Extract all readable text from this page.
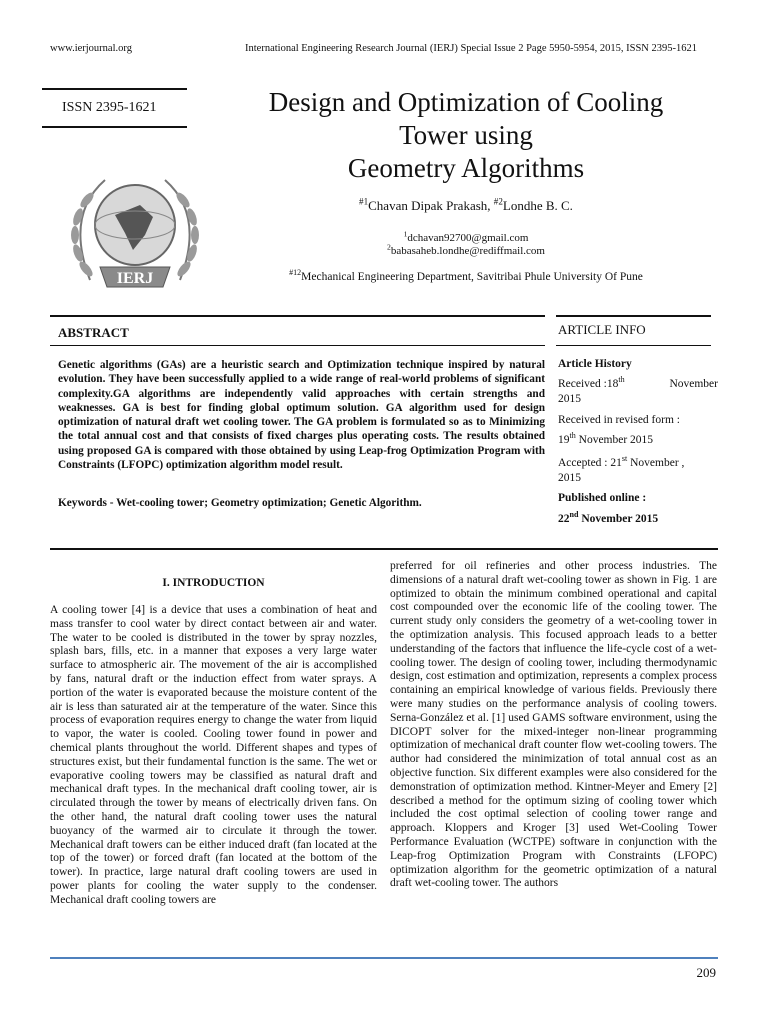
www.ierjournal.org	International Engineering Research Journal (IERJ) Special Issue 2 Page 5950-5954, 2015, ISSN 2395-1621
ISSN 2395-1621
IERJ
Design and Optimization of Cooling
Tower using
Geometry Algorithms
$^{\#1}$Chavan Dipak Prakash, $^{\#2}$Londhe B. C.
$^1$dchavan92700@gmail.com
$^2$babasaheb.londhe@rediffmail.com
$^{\#12}$Mechanical Engineering Department, Savitribai Phule University Of Pune
ABSTRACT
Genetic algorithms (GAs) are a heuristic search and Optimization technique inspired by natural evolution. They have been successfully applied to a wide range of real-world problems of significant complexity.GA algorithms are independently valid approaches with certain strengths and weaknesses. GA is best for finding global optimum solution. GA algorithm used for design optimization of natural draft wet cooling tower. The GA problem is formulated so as to Minimizing the total annual cost and that consists of fixed charges plus operating costs. The results obtained using proposed GA is compared with those obtained by using Leap-frog Optimization Program with Constraints (LFOPC) optimization algorithm model result.
Keywords - Wet-cooling tower; Geometry optimization; Genetic Algorithm.
ARTICLE INFO
Article History
Received :18th	November
2015
Received in revised form :
19th November 2015
Accepted : 21st November ,
2015
Published online :
22nd November 2015
I. INTRODUCTION
A cooling tower [4] is a device that uses a combination of heat and mass transfer to cool water by direct contact between air and water. The water to be cooled is distributed in the tower by spray nozzles, splash bars, fills, etc. in a manner that exposes a very large water surface to atmospheric air. The movement of the air is accomplished by fans, natural draft or the induction effect from water sprays. A portion of the water is evaporated because the moisture content of the air is less than saturated air at the temperature of the water. Since this process of evaporation requires energy to change the water from liquid to vapor, the water is cooled. Cooling tower found in power and chemical plants throughout the world. Different shapes and types of structures exist, but their fundamental function is the same. The wet or evaporative cooling towers may be classified as natural draft and mechanical draft types. In the mechanical draft cooling tower, air is circulated through the tower by means of electrically driven fans. On the other hand, the natural draft cooling tower uses the natural buoyancy of the warmed air to circulate it through the tower. Mechanical draft towers can be either induced draft (fan located at the top of the tower) or forced draft (fan located at the bottom of the tower). In practice, large natural draft cooling towers are used in power plants for cooling the water supply to the condenser. Mechanical draft cooling towers are
preferred for oil refineries and other process industries. The dimensions of a natural draft wet-cooling tower as shown in Fig. 1 are optimized to obtain the minimum combined operational and capital cost compounded over the economic life of the cooling tower. The current study only considers the geometry of a wet-cooling tower in the optimization analysis. This focused approach leads to a better understanding of the factors that influence the life-cycle cost of a wet-cooling tower. The design of cooling tower, including thermodynamic design, cost estimation and optimization, represents a complex process containing an empirical knowledge of various fields. Previously there were many studies on the performance analysis of cooling towers. Serna-González et al. [1] used GAMS software environment, using the DICOPT solver for the mixed-integer non-linear programming optimization of mechanical draft counter flow wet-cooling towers. The author had considered the minimization of total annual cost as an objective function. Six different examples were also considered for the demonstration of optimization method. Kintner-Meyer and Emery [2] described a method for the optimum sizing of cooling tower which included the cost optimal selection of cooling tower range and approach. Kloppers and Kroger [3] used Wet-Cooling Tower Performance Evaluation (WCTPE) software in conjunction with the Leap-frog Optimization Program with Constraints (LFOPC) optimization algorithm for the geometric optimization of a natural draft wet-cooling tower. The authors
209
